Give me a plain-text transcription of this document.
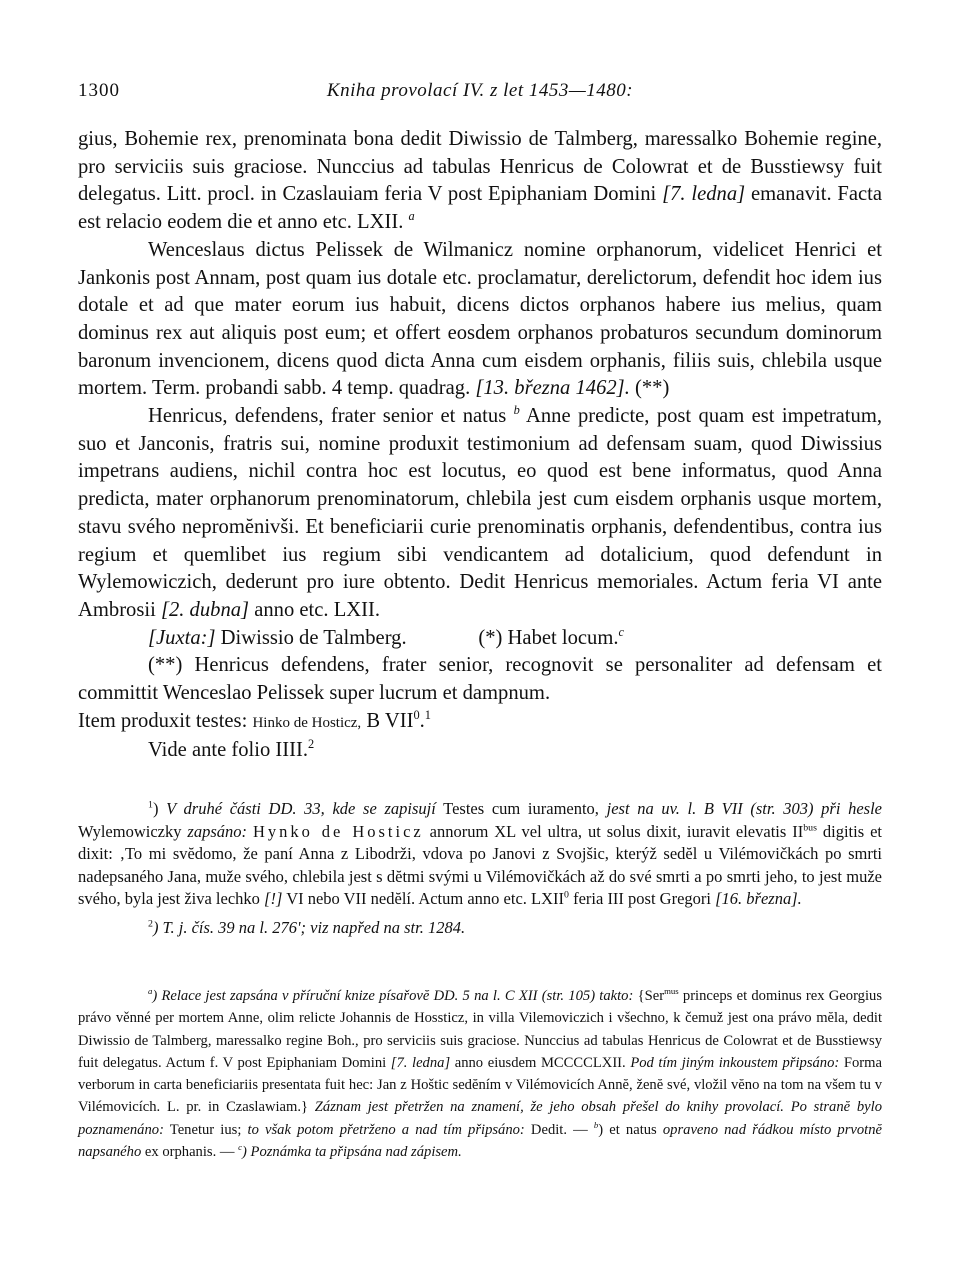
1300	Kniha provolací IV. z let 1453—1480:

gius, Bohemie rex, prenominata bona dedit Diwissio de Talmberg, maressalko Bohemie regine, pro serviciis suis graciose. Nunccius ad tabulas Henricus de Colowrat et de Busstiewsy fuit delegatus. Litt. procl. in Czaslauiam feria V post Epiphaniam Domini [7. ledna] emanavit. Facta est relacio eodem die et anno etc. LXII. $^a$

Wenceslaus dictus Pelissek de Wilmanicz nomine orphanorum, videlicet Henrici et Jankonis post Annam, post quam ius dotale etc. proclamatur, derelictorum, defendit hoc idem ius dotale et ad que mater eorum ius habuit, dicens dictos orphanos habere ius melius, quam dominus rex aut aliquis post eum; et offert eosdem orphanos probaturos secundum dominorum baronum invencionem, dicens quod dicta Anna cum eisdem orphanis, filiis suis, chlebila usque mortem. Term. probandi sabb. 4 temp. quadrag. [13. března 1462]. (**)

Henricus, defendens, frater senior et natus $^b$ Anne predicte, post quam est impetratum, suo et Janconis, fratris sui, nomine produxit testimonium ad defensam suam, quod Diwissius impetrans audiens, nichil contra hoc est locutus, eo quod est bene informatus, quod Anna predicta, mater orphanorum prenominatorum, chlebila jest cum eisdem orphanis usque mortem, stavu svého nepromĕnivši. Et beneficiarii curie prenominatis orphanis, defendentibus, contra ius regium et quemlibet ius regium sibi vendicantem ad dotalicium, quod defendunt in Wylemowiczich, dederunt pro iure obtento. Dedit Henricus memoriales. Actum feria VI ante Ambrosii [2. dubna] anno etc. LXII.

[Juxta:] Diwissio de Talmberg.	(*) Habet locum.$^c$

(**) Henricus defendens, frater senior, recognovit se personaliter ad defensam et committit Wenceslao Pelissek super lucrum et dampnum.

Item produxit testes: Hinko de Hosticz, B VII$^0$.$^1$

Vide ante folio IIII.$^2$

$^1$) V druhé části DD. 33, kde se zapisují Testes cum iuramento, jest na uv. l. B VII (str. 303) při hesle Wylemowiczky zapsáno: Hynko de Hosticz annorum XL vel ultra, ut solus dixit, iuravit elevatis $II^{bus}$ digitis et dixit: ‚To mi svĕdomo, že paní Anna z Libodrži, vdova po Janovi z Svojšic, kterýž sedĕl u Vilémovičkách po smrti nadepsaného Jana, muže svého, chlebila jest s dĕtmi svými u Vilémovičkách až do své smrti a po smrti jeho, to jest muže svého, byla jest živa lechko [!] VI nebo VII nedĕlí. Actum anno etc. LXII$^0$ feria III post Gregori [16. března].

$^2$) T. j. čís. 39 na l. 276'; viz napřed na str. 1284.

$^a$) Relace jest zapsána v příruční knize písařovĕ DD. 5 na l. C XII (str. 105) takto: {Ser$^{mus}$ princeps et dominus rex Georgius právo věnné per mortem Anne, olim relicte Johannis de Hossticz, in villa Vilemoviczich i všechno, k čemuž jest ona právo mĕla, dedit Diwissio de Talmberg, maressalko regine Boh., pro serviciis suis graciose. Nunccius ad tabulas Henricus de Colowrat et de Busstiewsy fuit delegatus. Actum f. V post Epiphaniam Domini [7. ledna] anno eiusdem MCCCCLXII. Pod tím jiným inkoustem připsáno: Forma verborum in carta beneficiariis presentata fuit hec: Jan z Hoštic sedĕním v Vilémovicích Annĕ, ženĕ své, vložil vĕno na tom na všem tu v Vilémovicích. L. pr. in Czaslawiam.} Záznam jest přetržen na znamení, že jeho obsah přešel do knihy provolací. Po stranĕ bylo poznamenáno: Tenetur ius; to však potom přetrženo a nad tím připsáno: Dedit. — $^b$) et natus opraveno nad řádkou místo prvotnĕ napsaného ex orphanis. — $^c$) Poznámka ta připsána nad zápisem.
